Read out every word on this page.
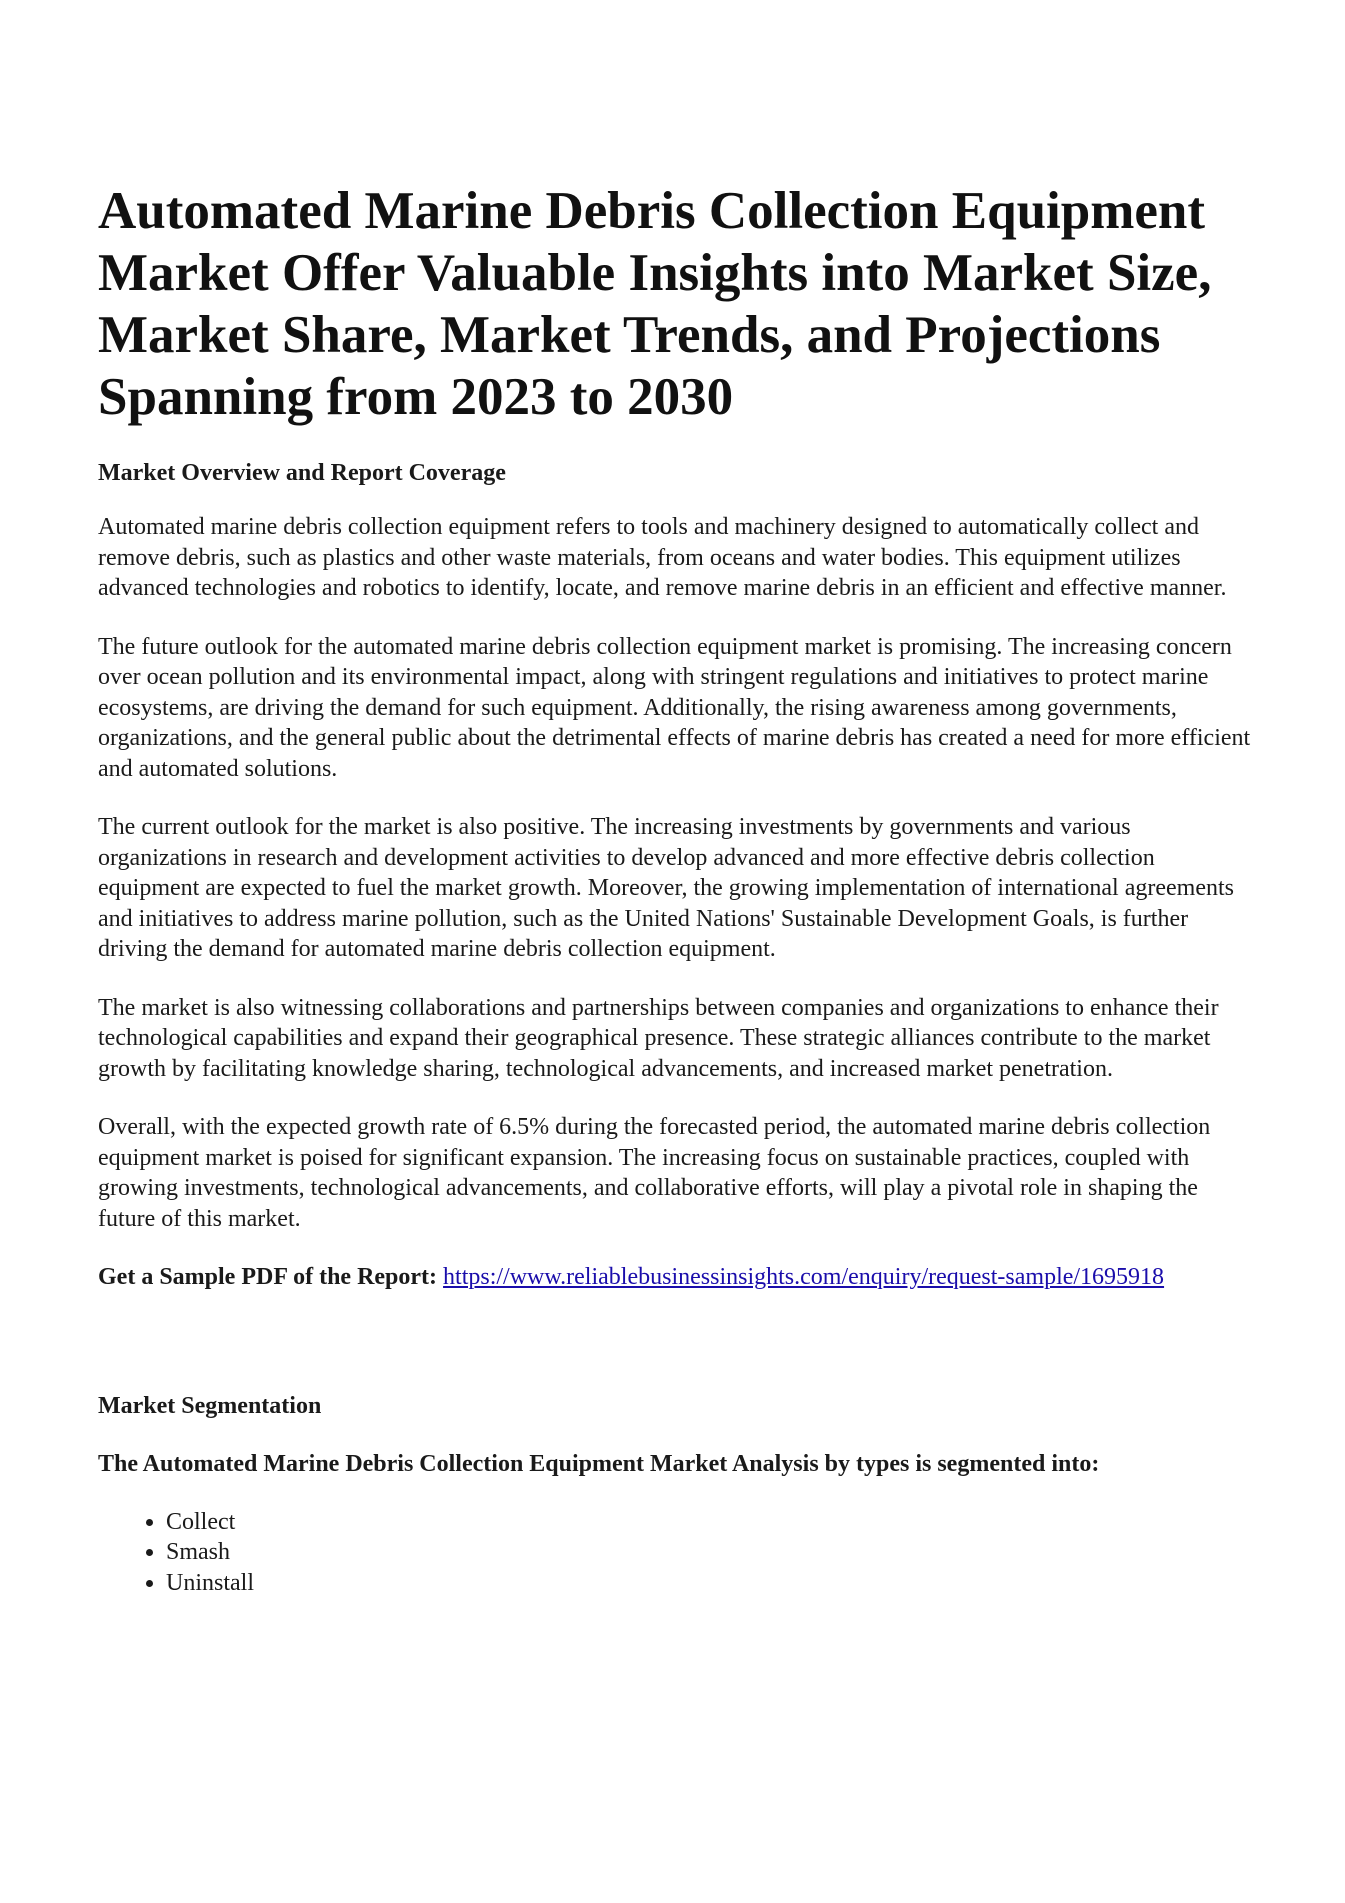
Automated Marine Debris Collection Equipment Market Offer Valuable Insights into Market Size, Market Share, Market Trends, and Projections Spanning from 2023 to 2030
Market Overview and Report Coverage

Automated marine debris collection equipment refers to tools and machinery designed to automatically collect and remove debris, such as plastics and other waste materials, from oceans and water bodies. This equipment utilizes advanced technologies and robotics to identify, locate, and remove marine debris in an efficient and effective manner.

The future outlook for the automated marine debris collection equipment market is promising. The increasing concern over ocean pollution and its environmental impact, along with stringent regulations and initiatives to protect marine ecosystems, are driving the demand for such equipment. Additionally, the rising awareness among governments, organizations, and the general public about the detrimental effects of marine debris has created a need for more efficient and automated solutions.

The current outlook for the market is also positive. The increasing investments by governments and various organizations in research and development activities to develop advanced and more effective debris collection equipment are expected to fuel the market growth. Moreover, the growing implementation of international agreements and initiatives to address marine pollution, such as the United Nations' Sustainable Development Goals, is further driving the demand for automated marine debris collection equipment.

The market is also witnessing collaborations and partnerships between companies and organizations to enhance their technological capabilities and expand their geographical presence. These strategic alliances contribute to the market growth by facilitating knowledge sharing, technological advancements, and increased market penetration.

Overall, with the expected growth rate of 6.5% during the forecasted period, the automated marine debris collection equipment market is poised for significant expansion. The increasing focus on sustainable practices, coupled with growing investments, technological advancements, and collaborative efforts, will play a pivotal role in shaping the future of this market.

Get a Sample PDF of the Report: https://www.reliablebusinessinsights.com/enquiry/request-sample/1695918
Market Segmentation
The Automated Marine Debris Collection Equipment Market Analysis by types is segmented into:
• Collect
• Smash
• Uninstall
